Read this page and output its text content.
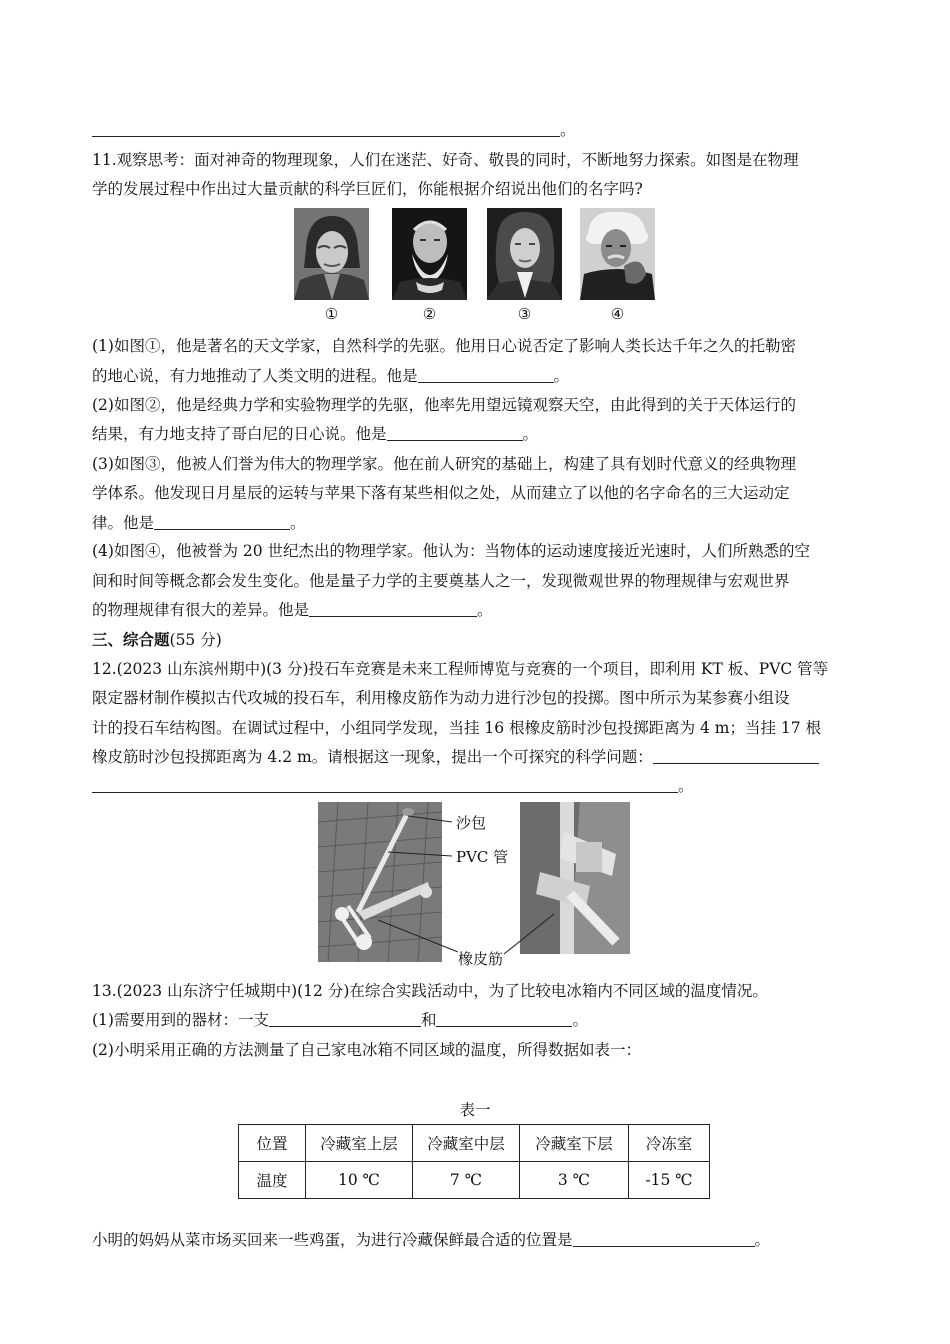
。
11.观察思考：面对神奇的物理现象，人们在迷茫、好奇、敬畏的同时，不断地努力探索。如图是在物理
学的发展过程中作出过大量贡献的科学巨匠们，你能根据介绍说出他们的名字吗?
(1)如图①，他是著名的天文学家，自然科学的先驱。他用日心说否定了影响人类长达千年之久的托勒密
的地心说，有力地推动了人类文明的进程。他是	。
(2)如图②，他是经典力学和实验物理学的先驱，他率先用望远镜观察天空，由此得到的关于天体运行的
结果，有力地支持了哥白尼的日心说。他是	。
(3)如图③，他被人们誉为伟大的物理学家。他在前人研究的基础上，构建了具有划时代意义的经典物理
学体系。他发现日月星辰的运转与苹果下落有某些相似之处，从而建立了以他的名字命名的三大运动定
律。他是	。
(4)如图④，他被誉为 20 世纪杰出的物理学家。他认为：当物体的运动速度接近光速时，人们所熟悉的空
间和时间等概念都会发生变化。他是量子力学的主要奠基人之一，发现微观世界的物理规律与宏观世界
的物理规律有很大的差异。他是	。
三、综合题(55 分)
12.(2023 山东滨州期中)(3 分)投石车竞赛是未来工程师博览与竞赛的一个项目，即利用 KT 板、PVC 管等
限定器材制作模拟古代攻城的投石车，利用橡皮筋作为动力进行沙包的投掷。图中所示为某参赛小组设
计的投石车结构图。在调试过程中，小组同学发现，当挂 16 根橡皮筋时沙包投掷距离为 4 m；当挂 17 根
橡皮筋时沙包投掷距离为 4.2 m。请根据这一现象，提出一个可探究的科学问题：
。
13.(2023 山东济宁任城期中)(12 分)在综合实践活动中，为了比较电冰箱内不同区域的温度情况。
(1)需要用到的器材：一支	和	。
(2)小明采用正确的方法测量了自己家电冰箱不同区域的温度，所得数据如表一：
小明的妈妈从菜市场买回来一些鸡蛋，为进行冷藏保鲜最合适的位置是	。
①	②	③	④
沙包
PVC 管
橡皮筋
表一
位置	冷藏室上层	冷藏室中层	冷藏室下层	冷冻室
温度	10 ℃	7 ℃	3 ℃	-15 ℃
